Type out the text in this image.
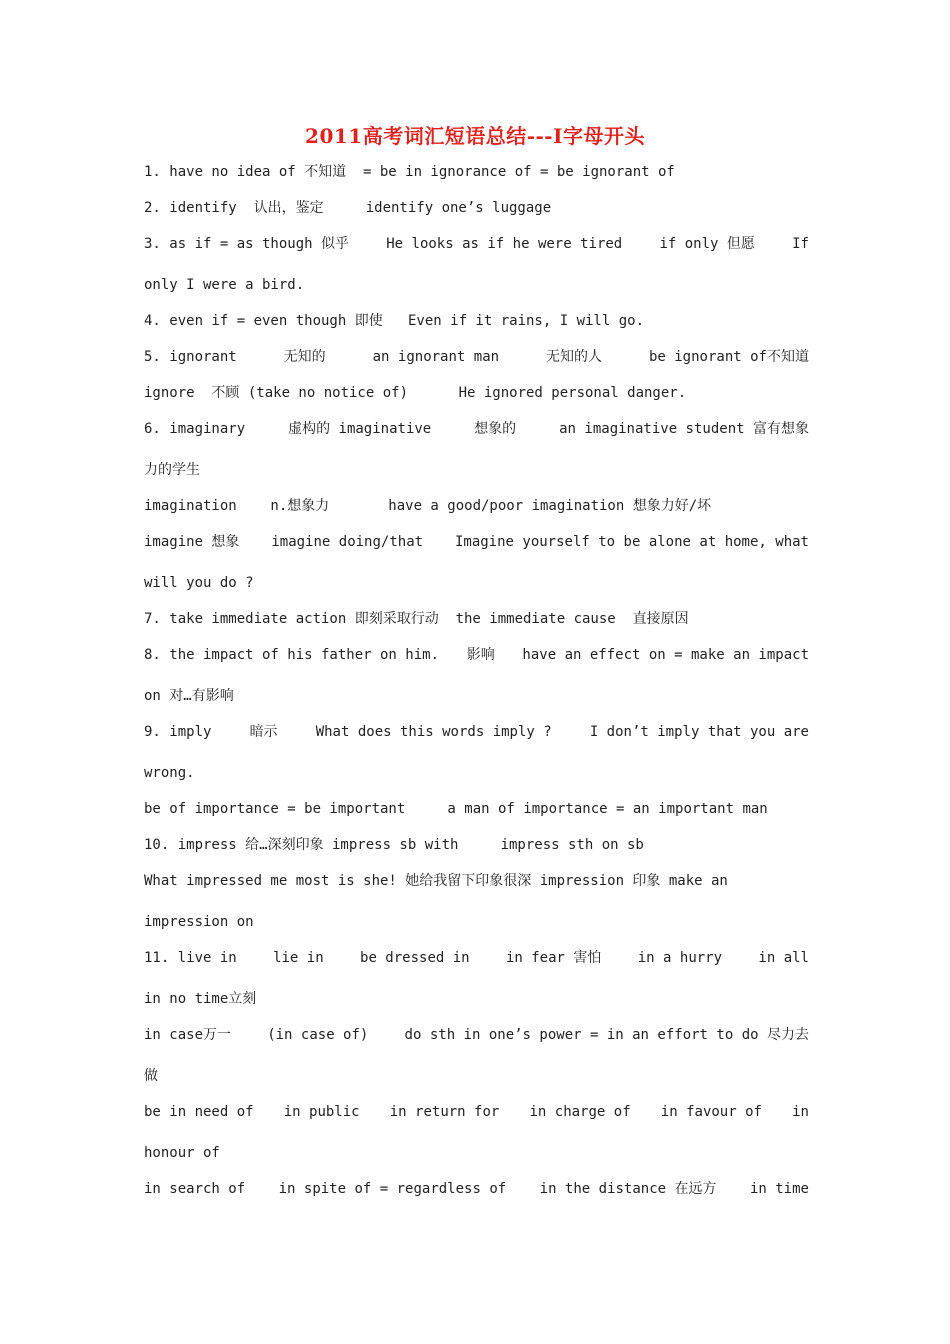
2011高考词汇短语总结---I字母开头
1. have no idea of 不知道  = be in ignorance of = be ignorant of
2. identify  认出，鉴定     identify one’s luggage
3. as if = as though 似乎	He looks as if he were tired	if only 但愿	If
only I were a bird.
4. even if = even though 即使   Even if it rains, I will go.
5. ignorant	无知的	an ignorant man	无知的人	be ignorant of不知道
ignore  不顾 (take no notice of)      He ignored personal danger.
6. imaginary	虚构的 imaginative	想象的	an imaginative student 富有想象
力的学生
imagination    n.想象力       have a good/poor imagination 想象力好/坏
imagine 想象 imagine doing/that Imagine yourself to be alone at home, what
will you do ?
7. take immediate action 即刻采取行动  the immediate cause  直接原因
8. the impact of his father on him. 影响 have an effect on = make an impact
on 对…有影响
9. imply	暗示	What does this words imply ?	I don’t imply that you are
wrong.
be of importance = be important     a man of importance = an important man
10. impress 给…深刻印象 impress sb with     impress sth on sb
What impressed me most is she! 她给我留下印象很深 impression 印象 make an
impression on
11. live in	lie in	be dressed in	in fear 害怕	in a hurry	in all
in no time立刻
in case万一	(in case of)	do sth in one’s power = in an effort to do 尽力去
做
be in need of in public in return for in charge of in favour of in
honour of
in search of in spite of = regardless of in the distance 在远方 in time
